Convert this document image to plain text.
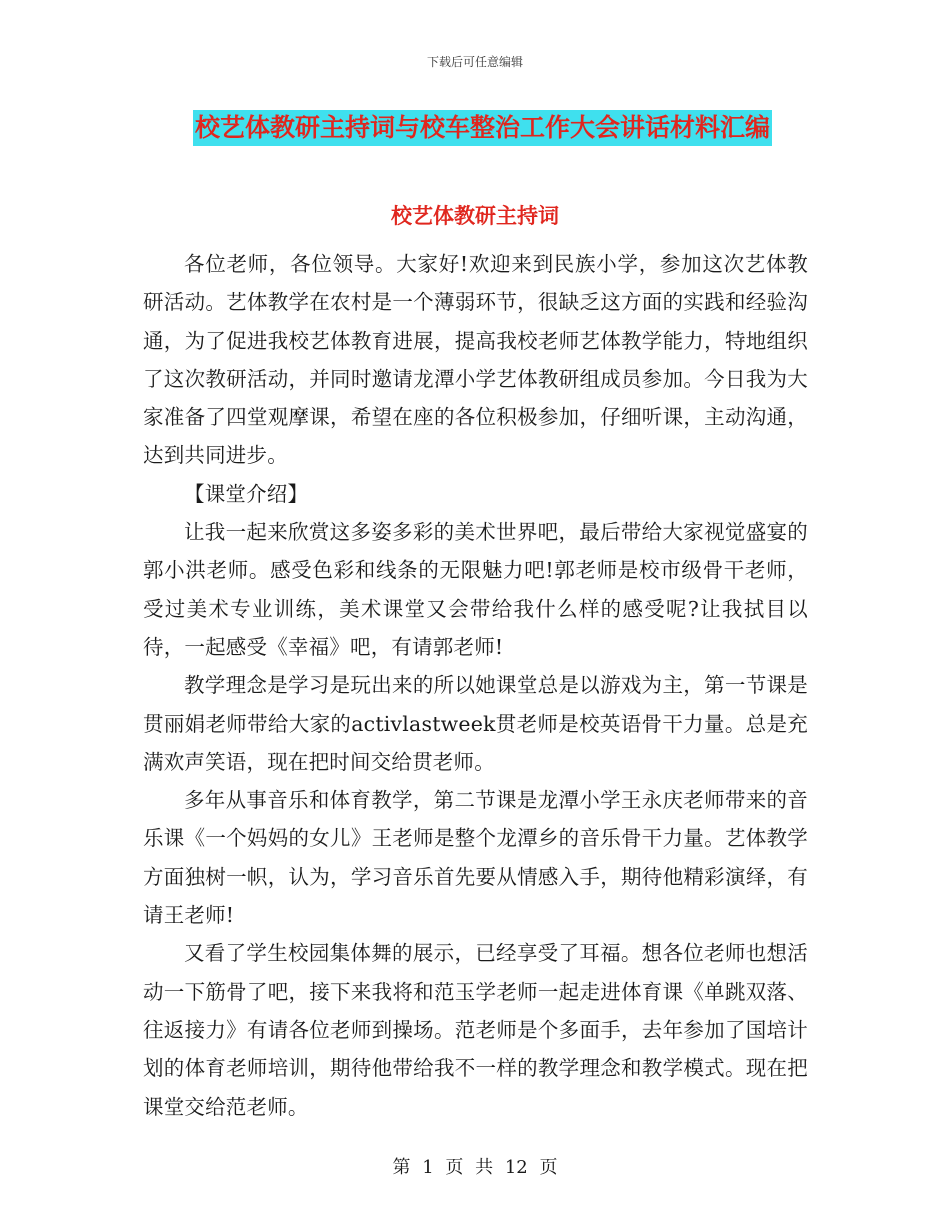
下载后可任意编辑
校艺体教研主持词与校车整治工作大会讲话材料汇编
校艺体教研主持词

各位老师，各位领导。大家好!欢迎来到民族小学，参加这次艺体教研活动。艺体教学在农村是一个薄弱环节，很缺乏这方面的实践和经验沟通，为了促进我校艺体教育进展，提高我校老师艺体教学能力，特地组织了这次教研活动，并同时邀请龙潭小学艺体教研组成员参加。今日我为大家准备了四堂观摩课，希望在座的各位积极参加，仔细听课，主动沟通，达到共同进步。

【课堂介绍】

让我一起来欣赏这多姿多彩的美术世界吧，最后带给大家视觉盛宴的郭小洪老师。感受色彩和线条的无限魅力吧!郭老师是校市级骨干老师，受过美术专业训练，美术课堂又会带给我什么样的感受呢?让我拭目以待，一起感受《幸福》吧，有请郭老师!

教学理念是学习是玩出来的所以她课堂总是以游戏为主，第一节课是贯丽娟老师带给大家的activlastweek贯老师是校英语骨干力量。总是充满欢声笑语，现在把时间交给贯老师。

多年从事音乐和体育教学，第二节课是龙潭小学王永庆老师带来的音乐课《一个妈妈的女儿》王老师是整个龙潭乡的音乐骨干力量。艺体教学方面独树一帜，认为，学习音乐首先要从情感入手，期待他精彩演绎，有请王老师!

又看了学生校园集体舞的展示，已经享受了耳福。想各位老师也想活动一下筋骨了吧，接下来我将和范玉学老师一起走进体育课《单跳双落、往返接力》有请各位老师到操场。范老师是个多面手，去年参加了国培计划的体育老师培训，期待他带给我不一样的教学理念和教学模式。现在把课堂交给范老师。

第 1 页 共 12 页
